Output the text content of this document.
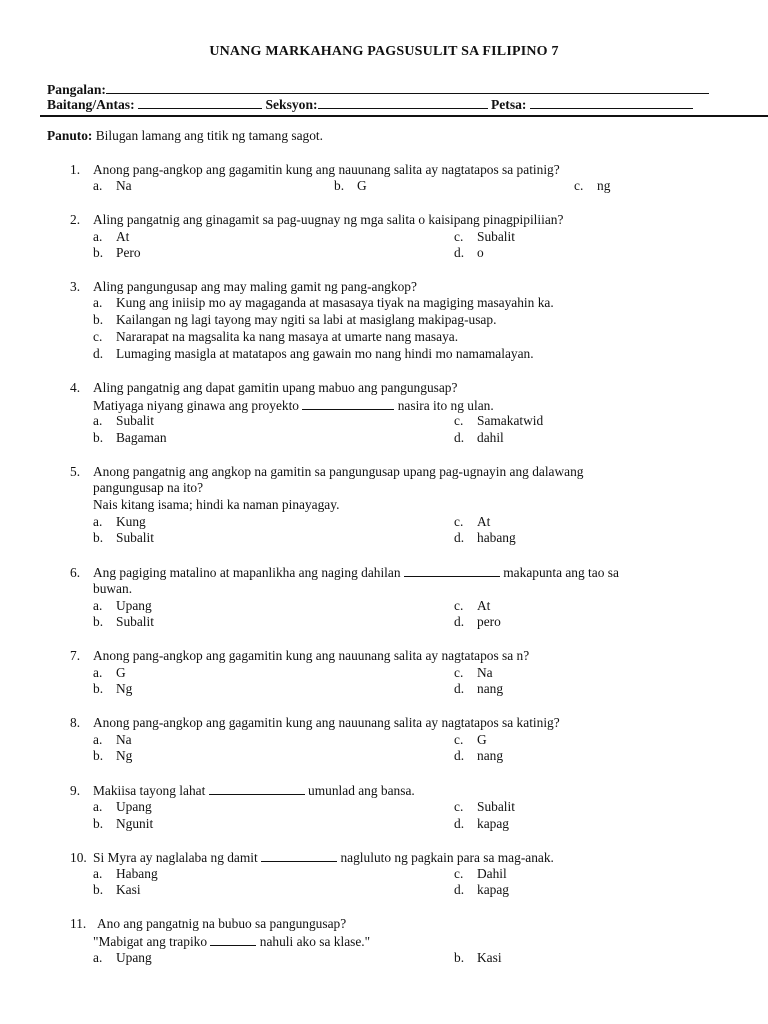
UNANG MARKAHANG PAGSUSULIT SA FILIPINO 7
Pangalan:
Baitang/Antas:	Seksyon:	Petsa:
Panuto: Bilugan lamang ang titik ng tamang sagot.
1. Anong pang-angkop ang gagamitin kung ang nauunang salita ay nagtatapos sa patinig?
a. Na	b. G	c. ng
2. Aling pangatnig ang ginagamit sa pag-uugnay ng mga salita o kaisipang pinagpipiliian?
a. At	c. Subalit
b. Pero	d. o
3. Aling pangungusap ang may maling gamit ng pang-angkop?
a. Kung ang iniisip mo ay magaganda at masasaya tiyak na magiging masayahin ka.
b. Kailangan ng lagi tayong may ngiti sa labi at masiglang makipag-usap.
c. Nararapat na magsalita ka nang masaya at umarte nang masaya.
d. Lumaging masigla at matatapos ang gawain mo nang hindi mo namamalayan.
4. Aling pangatnig ang dapat gamitin upang mabuo ang pangungusap?
Matiyaga niyang ginawa ang proyekto	nasira ito ng ulan.
a. Subalit	c. Samakatwid
b. Bagaman	d. dahil
5. Anong pangatnig ang angkop na gamitin sa pangungusap upang pag-ugnayin ang dalawang
pangungusap na ito?
Nais kitang isama; hindi ka naman pinayagay.
a. Kung	c. At
b. Subalit	d. habang
6. Ang pagiging matalino at mapanlikha ang naging dahilan	makapunta ang tao sa
buwan.
a. Upang	c. At
b. Subalit	d. pero
7. Anong pang-angkop ang gagamitin kung ang nauunang salita ay nagtatapos sa n?
a. G	c. Na
b. Ng	d. nang
8. Anong pang-angkop ang gagamitin kung ang nauunang salita ay nagtatapos sa katinig?
a. Na	c. G
b. Ng	d. nang
9. Makiisa tayong lahat	umunlad ang bansa.
a. Upang	c. Subalit
b. Ngunit	d. kapag
10. Si Myra ay naglalaba ng damit	nagluluto ng pagkain para sa mag-anak.
a. Habang	c. Dahil
b. Kasi	d. kapag
11. Ano ang pangatnig na bubuo sa pangungusap?
"Mabigat ang trapiko	nahuli ako sa klase."
a. Upang	b. Kasi
